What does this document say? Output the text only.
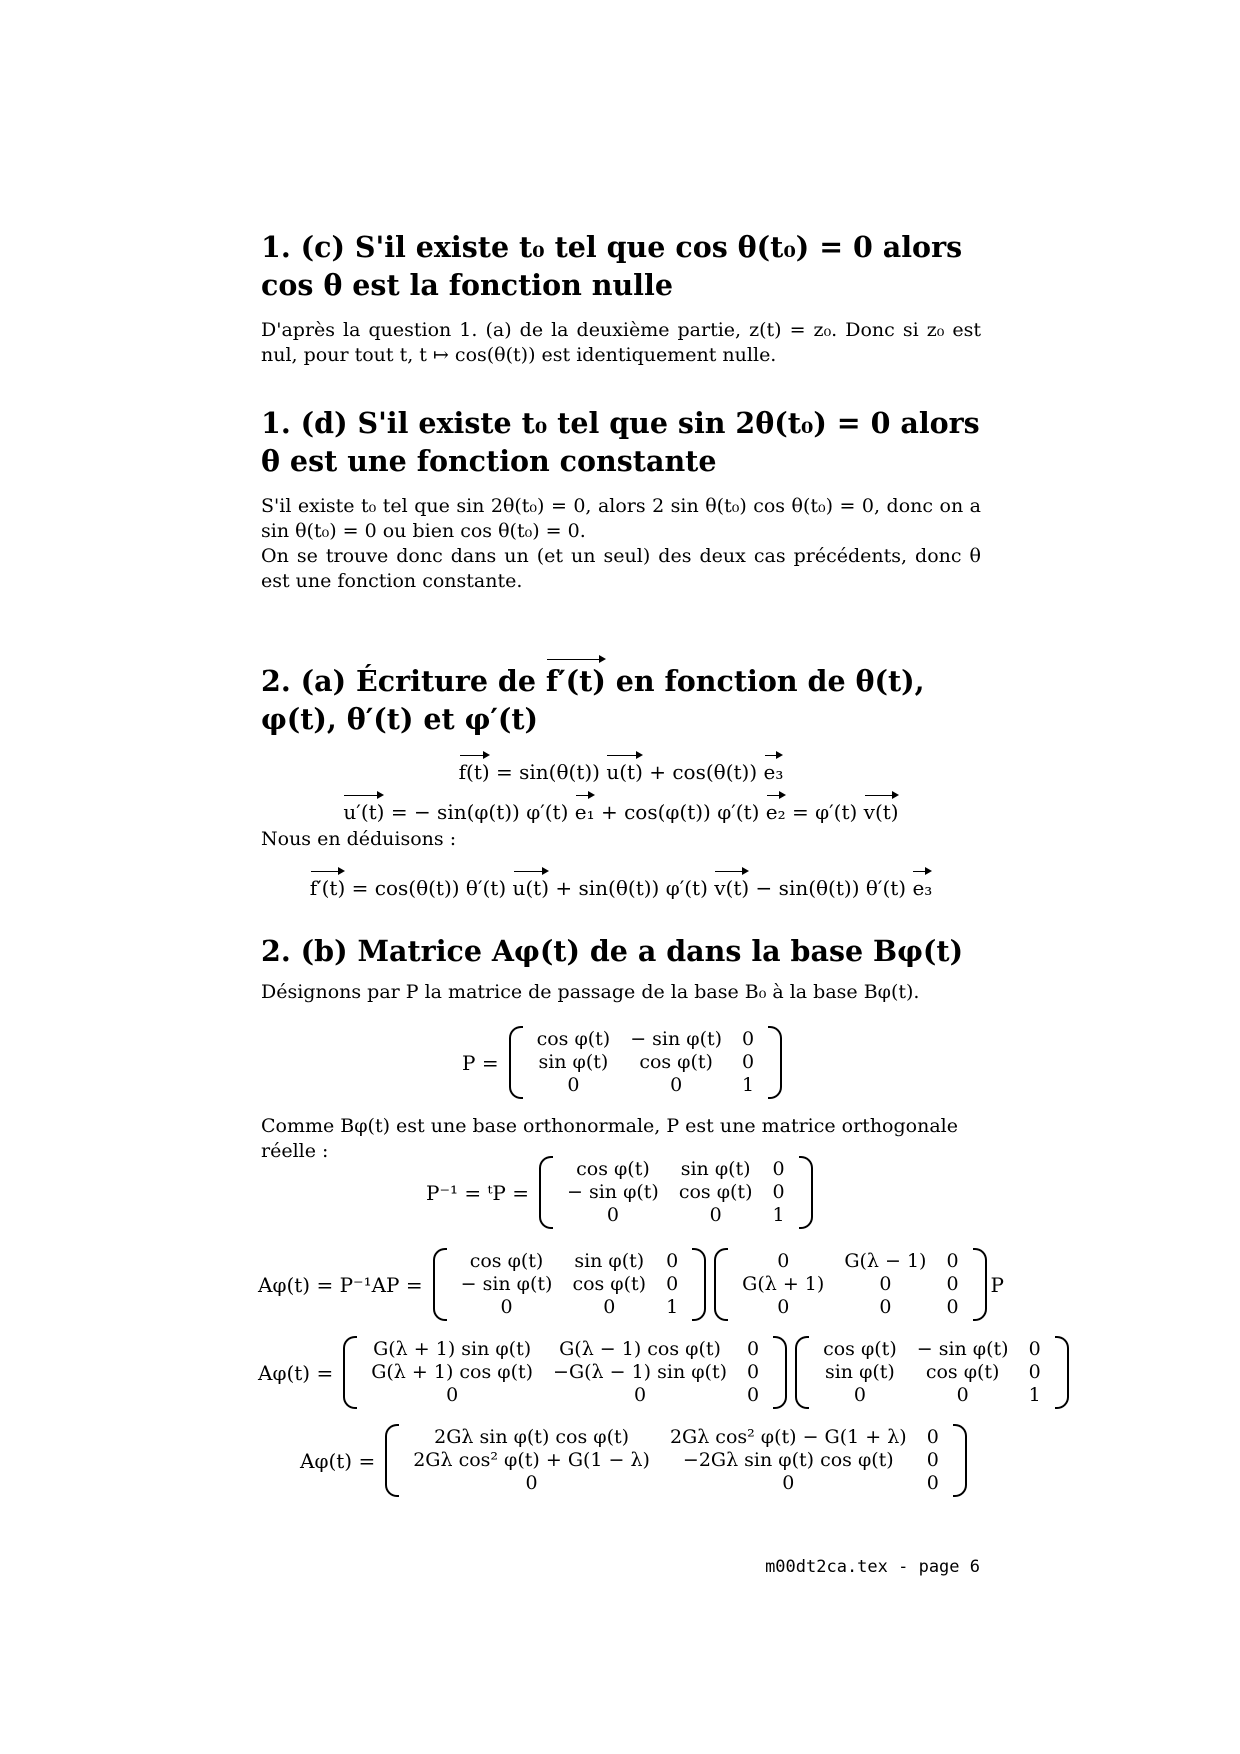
1. (c) S'il existe t₀ tel que cos θ(t₀) = 0 alors cos θ est la fonction nulle

D'après la question 1. (a) de la deuxième partie, z(t) = z₀. Donc si z₀ est nul, pour tout t, t ↦ cos(θ(t)) est identiquement nulle.

1. (d) S'il existe t₀ tel que sin 2θ(t₀) = 0 alors θ est une fonction constante

S'il existe t₀ tel que sin 2θ(t₀) = 0, alors 2 sin θ(t₀) cos θ(t₀) = 0, donc on a sin θ(t₀) = 0 ou bien cos θ(t₀) = 0.

On se trouve donc dans un (et un seul) des deux cas précédents, donc θ est une fonction constante.

2. (a) Écriture de f′(t) en fonction de θ(t), φ(t), θ′(t) et φ′(t)
f(t) = sin(θ(t)) u(t) + cos(θ(t)) e₃
u′(t) = − sin(φ(t)) φ′(t) e₁ + cos(φ(t)) φ′(t) e₂ = φ′(t) v(t)

Nous en déduisons :

f′(t) = cos(θ(t)) θ′(t) u(t) + sin(θ(t)) φ′(t) v(t) − sin(θ(t)) θ′(t) e₃
2. (b) Matrice Aφ(t) de a dans la base Bφ(t)

Désignons par P la matrice de passage de la base B₀ à la base Bφ(t).

P =
cos φ(t)	− sin φ(t)	0
sin φ(t)	cos φ(t)	0
0	0	1

Comme Bφ(t) est une base orthonormale, P est une matrice orthogonale réelle :

P⁻¹ = ᵗP =
cos φ(t)	sin φ(t)	0
− sin φ(t)	cos φ(t)	0
0	0	1
Aφ(t) = P⁻¹AP =
cos φ(t)	sin φ(t)	0
− sin φ(t)	cos φ(t)	0
0	0	1
0	G(λ − 1)	0
G(λ + 1)	0	0
0	0	0
P
Aφ(t) =
G(λ + 1) sin φ(t)	G(λ − 1) cos φ(t)	0
G(λ + 1) cos φ(t)	−G(λ − 1) sin φ(t)	0
0	0	0
cos φ(t)	− sin φ(t)	0
sin φ(t)	cos φ(t)	0
0	0	1
Aφ(t) =
2Gλ sin φ(t) cos φ(t)	2Gλ cos² φ(t) − G(1 + λ)	0
2Gλ cos² φ(t) + G(1 − λ)	−2Gλ sin φ(t) cos φ(t)	0
0	0	0
m00dt2ca.tex - page 6
